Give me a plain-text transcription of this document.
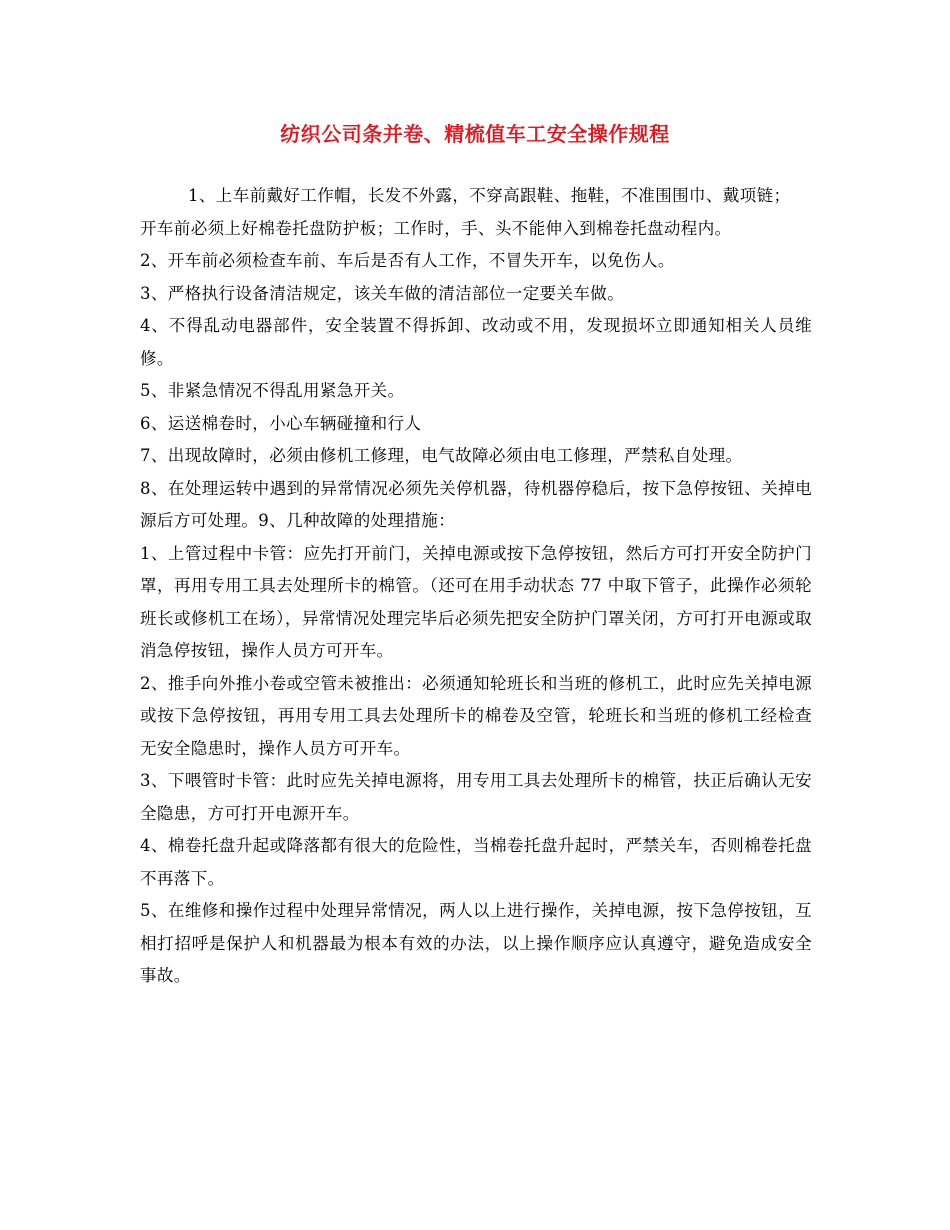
纺织公司条并卷、精梳值车工安全操作规程

1、上车前戴好工作帽，长发不外露，不穿高跟鞋、拖鞋，不准围围巾、戴项链；

开车前必须上好棉卷托盘防护板；工作时，手、头不能伸入到棉卷托盘动程内。

2、开车前必须检查车前、车后是否有人工作，不冒失开车，以免伤人。

3、严格执行设备清洁规定，该关车做的清洁部位一定要关车做。

4、不得乱动电器部件，安全装置不得拆卸、改动或不用，发现损坏立即通知相关人员维修。

5、非紧急情况不得乱用紧急开关。

6、运送棉卷时，小心车辆碰撞和行人

7、出现故障时，必须由修机工修理，电气故障必须由电工修理，严禁私自处理。

8、在处理运转中遇到的异常情况必须先关停机器，待机器停稳后，按下急停按钮、关掉电源后方可处理。9、几种故障的处理措施：

1、上管过程中卡管：应先打开前门，关掉电源或按下急停按钮，然后方可打开安全防护门罩，再用专用工具去处理所卡的棉管。（还可在用手动状态 77 中取下管子，此操作必须轮班长或修机工在场），异常情况处理完毕后必须先把安全防护门罩关闭，方可打开电源或取消急停按钮，操作人员方可开车。

2、推手向外推小卷或空管未被推出：必须通知轮班长和当班的修机工，此时应先关掉电源或按下急停按钮，再用专用工具去处理所卡的棉卷及空管，轮班长和当班的修机工经检查无安全隐患时，操作人员方可开车。

3、下喂管时卡管：此时应先关掉电源将，用专用工具去处理所卡的棉管，扶正后确认无安全隐患，方可打开电源开车。

4、棉卷托盘升起或降落都有很大的危险性，当棉卷托盘升起时，严禁关车，否则棉卷托盘不再落下。

5、在维修和操作过程中处理异常情况，两人以上进行操作，关掉电源，按下急停按钮，互相打招呼是保护人和机器最为根本有效的办法，以上操作顺序应认真遵守，避免造成安全事故。
